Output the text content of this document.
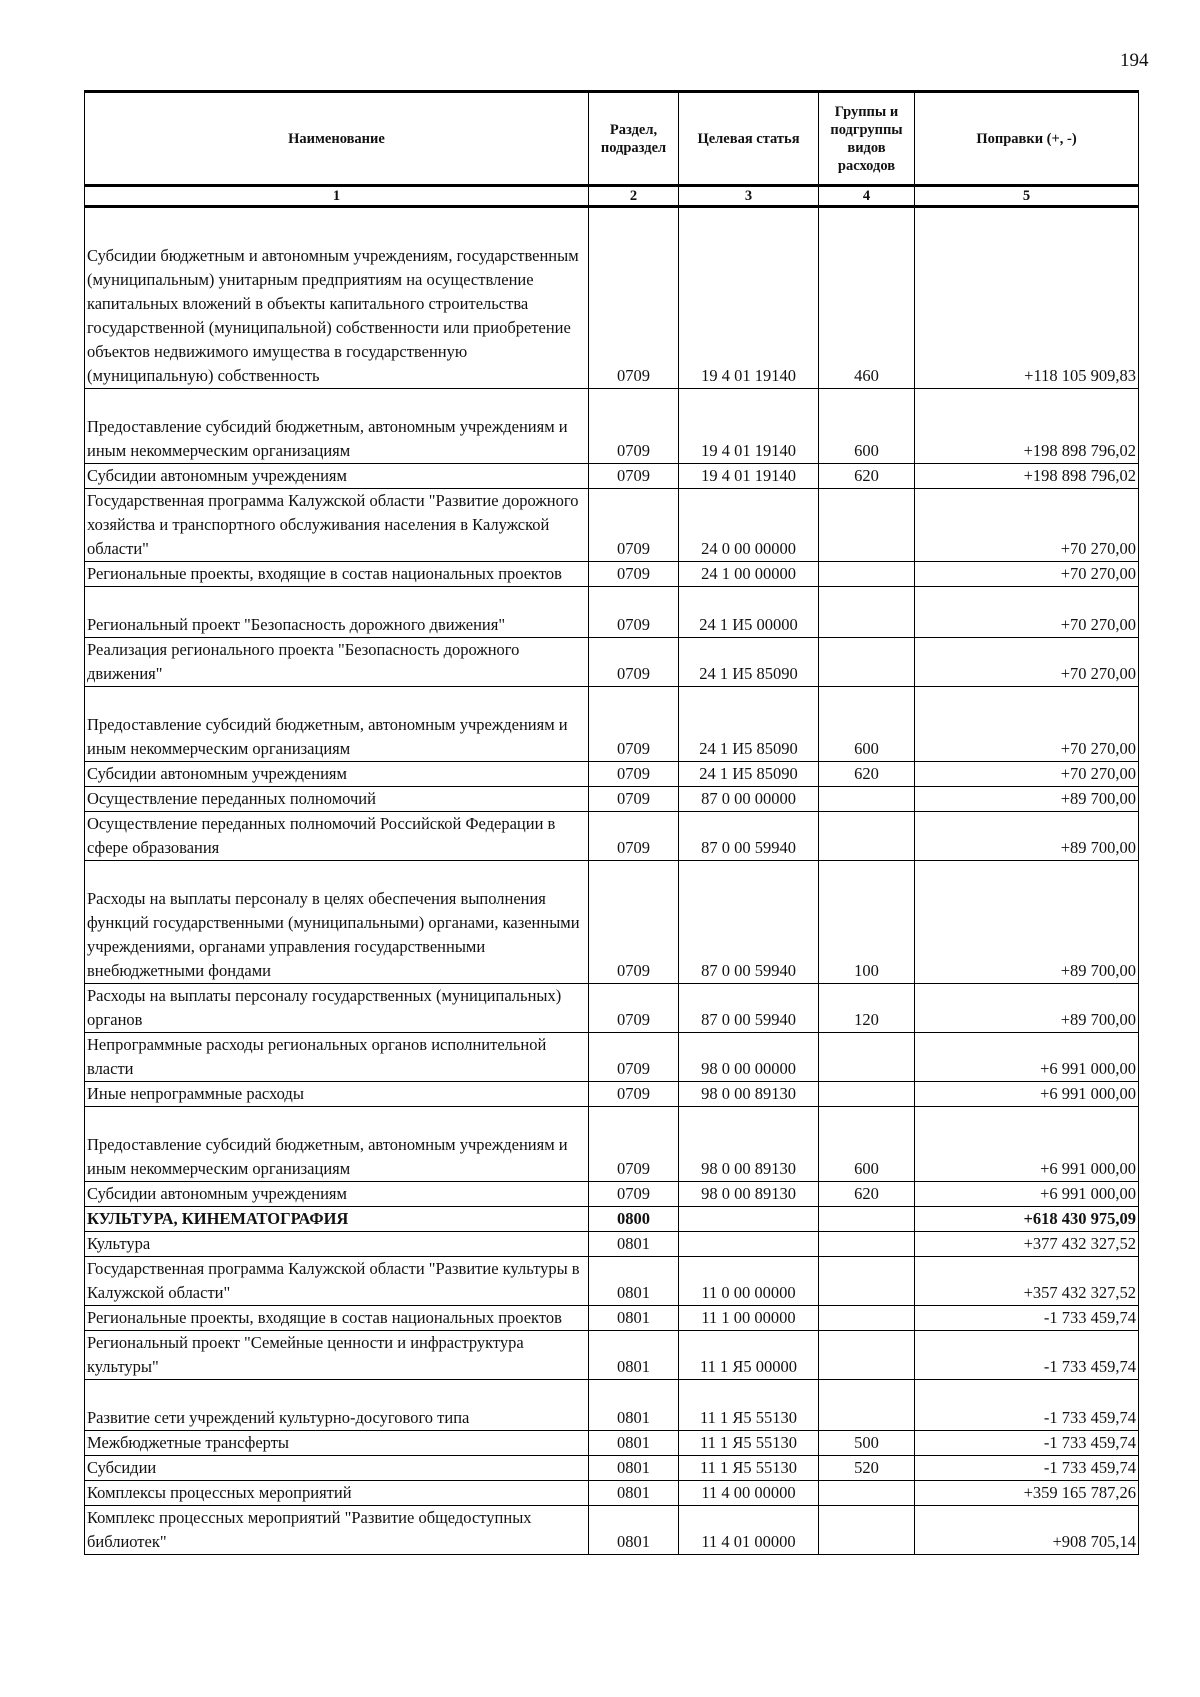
194
Наименование	Раздел, подраздел	Целевая статья	Группы и подгруппы видов расходов	Поправки (+, -)
1	2	3	4	5
Субсидии бюджетным и автономным учреждениям, государственным (муниципальным) унитарным предприятиям на осуществление капитальных вложений в объекты капитального строительства государственной (муниципальной) собственности или приобретение объектов недвижимого имущества в государственную (муниципальную) собственность	0709	19 4 01 19140	460	+118 105 909,83
Предоставление субсидий бюджетным, автономным учреждениям и иным некоммерческим организациям	0709	19 4 01 19140	600	+198 898 796,02
Субсидии автономным учреждениям	0709	19 4 01 19140	620	+198 898 796,02
Государственная программа Калужской области "Развитие дорожного хозяйства и транспортного обслуживания населения в Калужской области"	0709	24 0 00 00000		+70 270,00
Региональные проекты, входящие в состав национальных проектов	0709	24 1 00 00000		+70 270,00
Региональный проект "Безопасность дорожного движения"	0709	24 1 И5 00000		+70 270,00
Реализация регионального проекта "Безопасность дорожного движения"	0709	24 1 И5 85090		+70 270,00
Предоставление субсидий бюджетным, автономным учреждениям и иным некоммерческим организациям	0709	24 1 И5 85090	600	+70 270,00
Субсидии автономным учреждениям	0709	24 1 И5 85090	620	+70 270,00
Осуществление переданных полномочий	0709	87 0 00 00000		+89 700,00
Осуществление переданных полномочий Российской Федерации в сфере образования	0709	87 0 00 59940		+89 700,00
Расходы на выплаты персоналу в целях обеспечения выполнения функций государственными (муниципальными) органами, казенными учреждениями, органами управления государственными внебюджетными фондами	0709	87 0 00 59940	100	+89 700,00
Расходы на выплаты персоналу государственных (муниципальных) органов	0709	87 0 00 59940	120	+89 700,00
Непрограммные расходы региональных органов исполнительной власти	0709	98 0 00 00000		+6 991 000,00
Иные непрограммные расходы	0709	98 0 00 89130		+6 991 000,00
Предоставление субсидий бюджетным, автономным учреждениям и иным некоммерческим организациям	0709	98 0 00 89130	600	+6 991 000,00
Субсидии автономным учреждениям	0709	98 0 00 89130	620	+6 991 000,00
КУЛЬТУРА, КИНЕМАТОГРАФИЯ	0800			+618 430 975,09
Культура	0801			+377 432 327,52
Государственная программа Калужской области "Развитие культуры в Калужской области"	0801	11 0 00 00000		+357 432 327,52
Региональные проекты, входящие в состав национальных проектов	0801	11 1 00 00000		-1 733 459,74
Региональный проект "Семейные ценности и инфраструктура культуры"	0801	11 1 Я5 00000		-1 733 459,74
Развитие сети учреждений культурно-досугового типа	0801	11 1 Я5 55130		-1 733 459,74
Межбюджетные трансферты	0801	11 1 Я5 55130	500	-1 733 459,74
Субсидии	0801	11 1 Я5 55130	520	-1 733 459,74
Комплексы процессных мероприятий	0801	11 4 00 00000		+359 165 787,26
Комплекс процессных мероприятий "Развитие общедоступных библиотек"	0801	11 4 01 00000		+908 705,14
